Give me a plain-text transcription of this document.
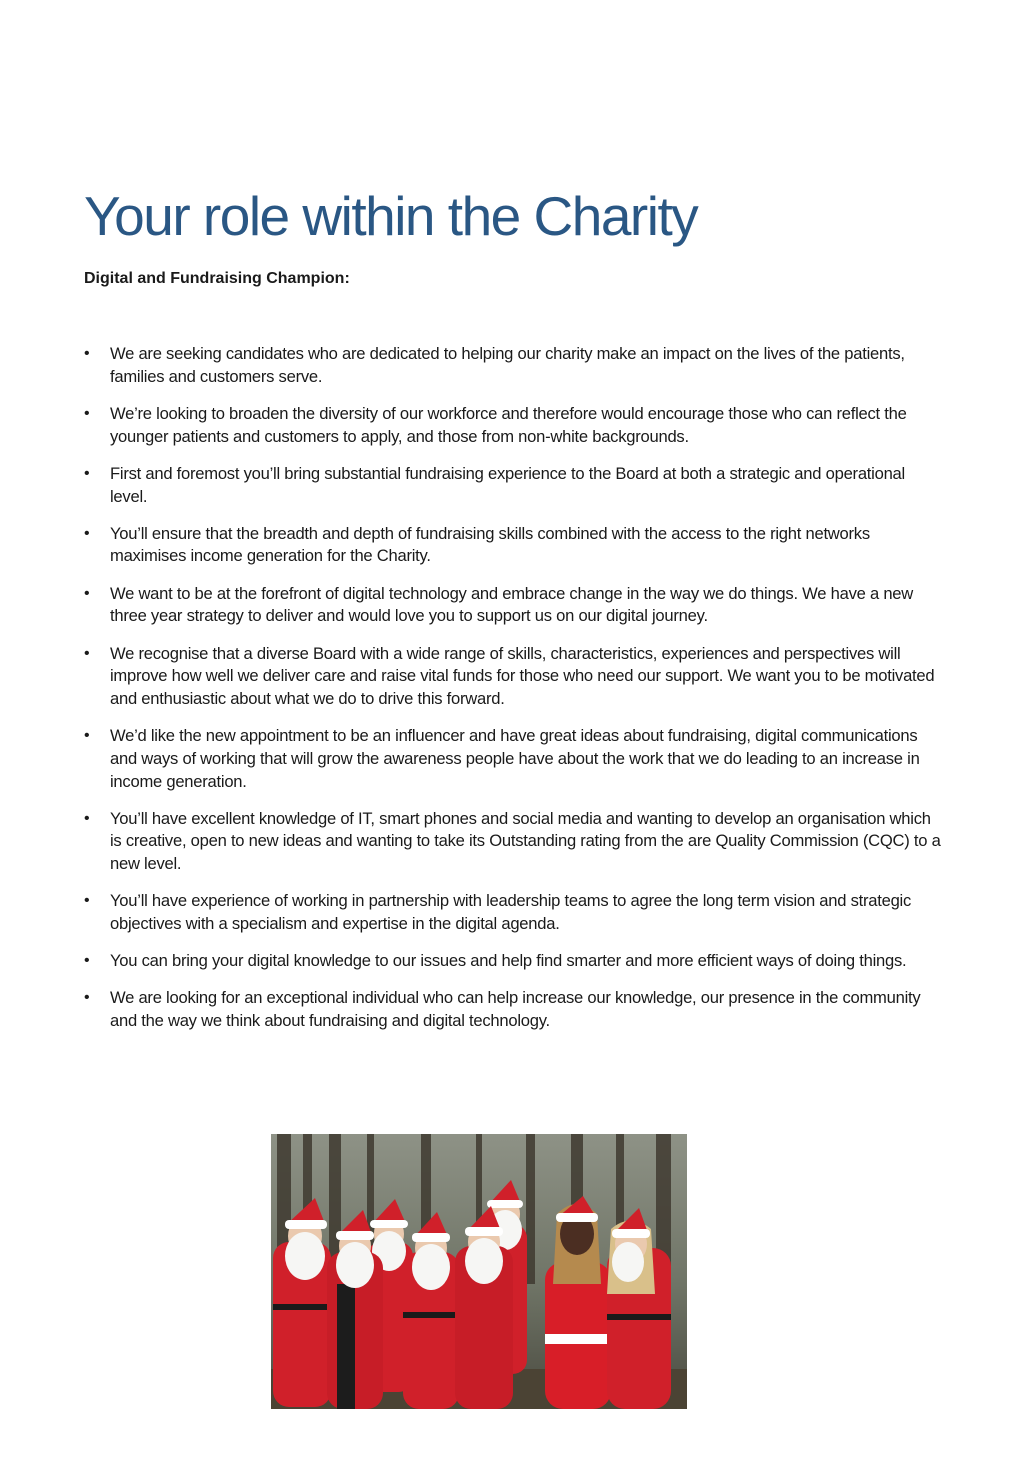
Your role within the Charity

Digital and Fundraising Champion:

• We are seeking candidates who are dedicated to helping our charity make an impact on the lives of the patients, families and customers serve.
• We’re looking to broaden the diversity of our workforce and therefore would encourage those who can reflect the younger patients and customers to apply, and those from non-white backgrounds.
• First and foremost you’ll bring substantial fundraising experience to the Board at both a strategic and operational level.
• You’ll ensure that the breadth and depth of fundraising skills combined with the access to the right networks maximises income generation for the Charity.
• We want to be at the forefront of digital technology and embrace change in the way we do things. We have a new three year strategy to deliver and would love you to support us on our digital journey.
• We recognise that a diverse Board with a wide range of skills, characteristics, experiences and perspectives will improve how well we deliver care and raise vital funds for those who need our support. We want you to be motivated and enthusiastic about what we do to drive this forward.
• We’d like the new appointment to be an influencer and have great ideas about fundraising, digital communications and ways of working that will grow the awareness people have about the work that we do leading to an increase in income generation.
• You’ll have excellent knowledge of IT, smart phones and social media and wanting to develop an organisation which is creative, open to new ideas and wanting to take its Outstanding rating from the are Quality Commission (CQC) to a new level.
• You’ll have experience of working in partnership with leadership teams to agree the long term vision and strategic objectives with a specialism and expertise in the digital agenda.
• You can bring your digital knowledge to our issues and help find smarter and more efficient ways of doing things.
• We are looking for an exceptional individual who can help increase our knowledge, our presence in the community and the way we think about fundraising and digital technology.
